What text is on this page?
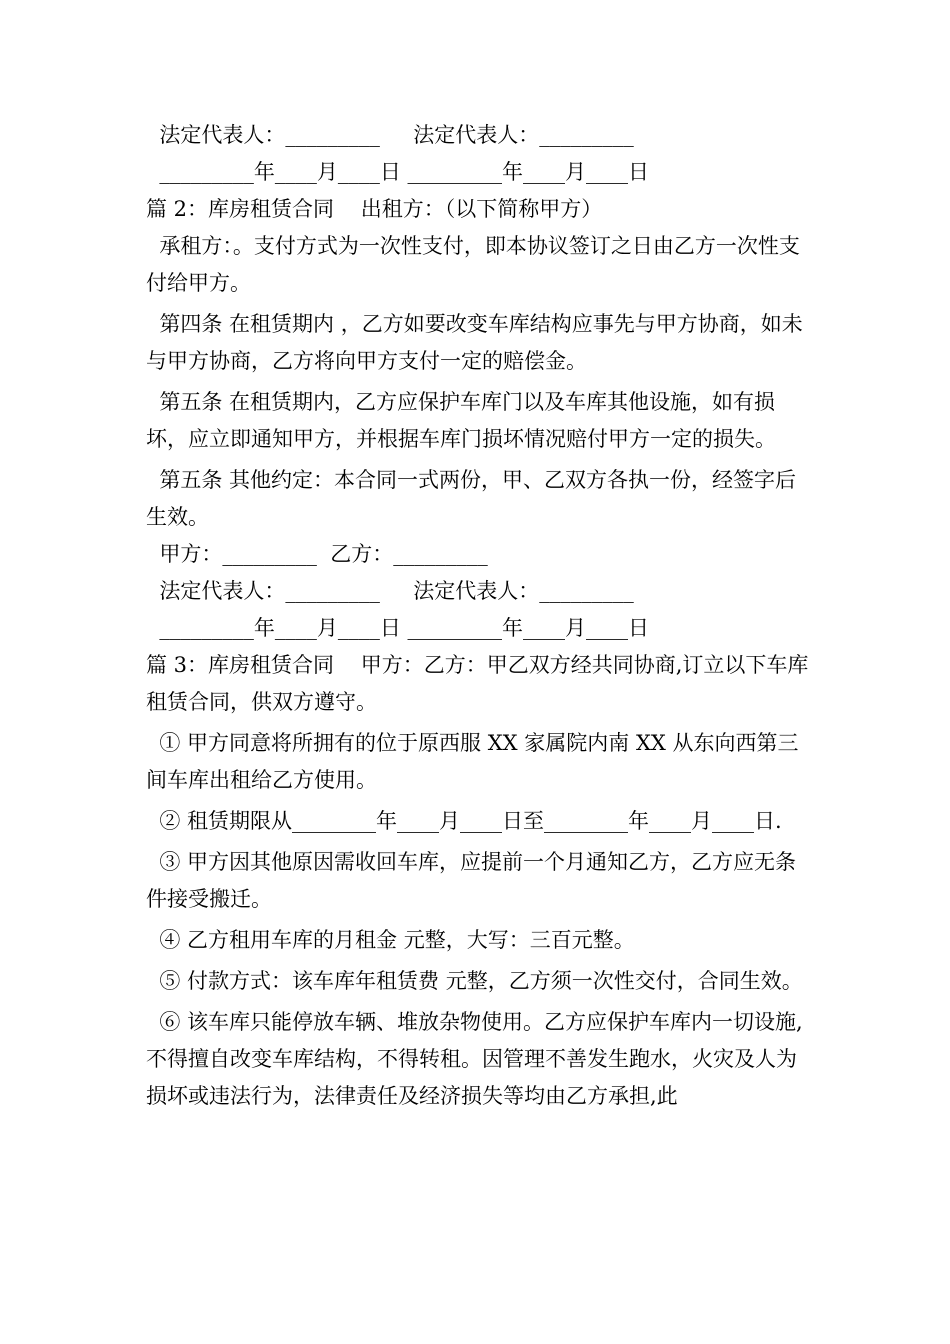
法定代表人：_________     法定代表人：_________

_________年____月____日 _________年____月____日

篇 2：库房租赁合同    出租方：（以下简称甲方）

承租方：。支付方式为一次性支付，即本协议签订之日由乙方一次性支付给甲方。

第四条 在租赁期内 ，乙方如要改变车库结构应事先与甲方协商，如未与甲方协商，乙方将向甲方支付一定的赔偿金。

第五条 在租赁期内，乙方应保护车库门以及车库其他设施，如有损坏，应立即通知甲方，并根据车库门损坏情况赔付甲方一定的损失。

第五条 其他约定：本合同一式两份，甲、乙双方各执一份，经签字后生效。

甲方：_________  乙方：_________

法定代表人：_________     法定代表人：_________

_________年____月____日 _________年____月____日

篇 3：库房租赁合同    甲方：乙方：甲乙双方经共同协商,订立以下车库租赁合同，供双方遵守。

① 甲方同意将所拥有的位于原西服 XX 家属院内南 XX 从东向西第三间车库出租给乙方使用。

② 租赁期限从________年____月____日至________年____月____日.

③ 甲方因其他原因需收回车库，应提前一个月通知乙方，乙方应无条件接受搬迁。

④ 乙方租用车库的月租金 元整，大写：三百元整。

⑤ 付款方式：该车库年租赁费 元整，乙方须一次性交付，合同生效。

⑥ 该车库只能停放车辆、堆放杂物使用。乙方应保护车库内一切设施,不得擅自改变车库结构，不得转租。因管理不善发生跑水，火灾及人为损坏或违法行为，法律责任及经济损失等均由乙方承担,此
